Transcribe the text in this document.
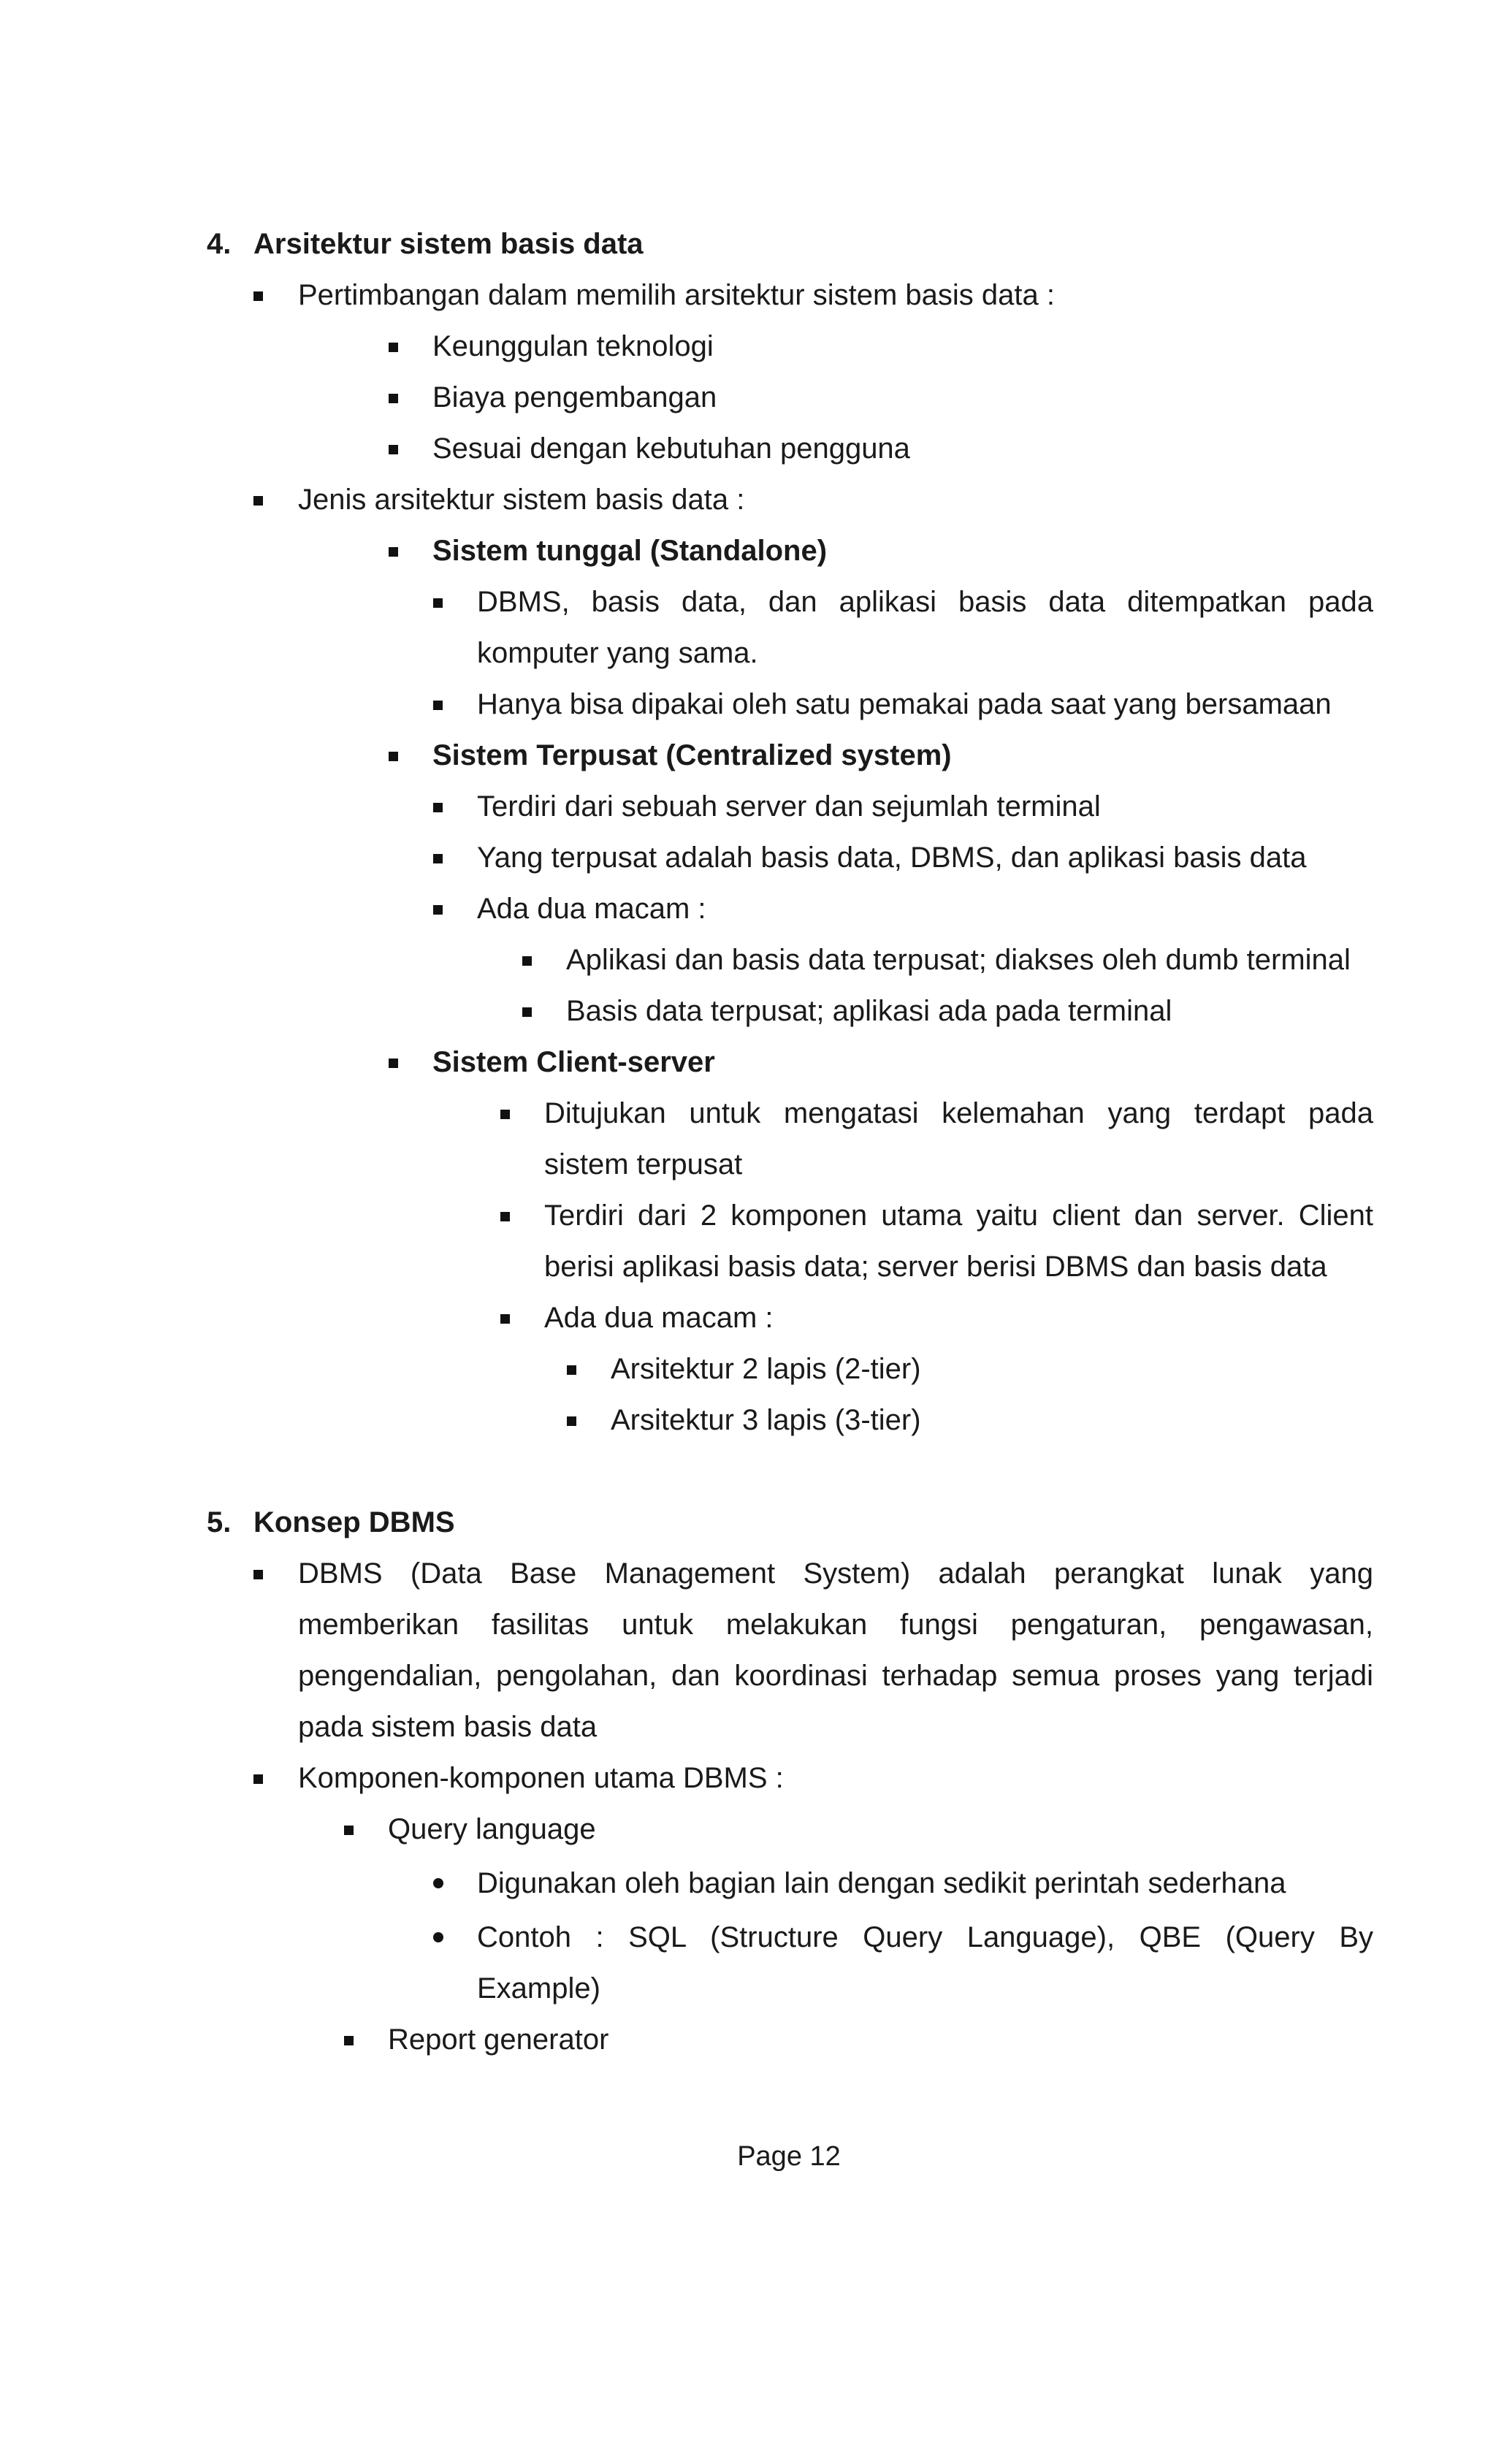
4. Arsitektur sistem basis data
Pertimbangan dalam memilih arsitektur sistem basis data :
Keunggulan teknologi
Biaya pengembangan
Sesuai dengan kebutuhan pengguna
Jenis arsitektur sistem basis data :
Sistem tunggal (Standalone)
DBMS, basis data, dan aplikasi basis data ditempatkan pada
komputer yang sama.
Hanya bisa dipakai oleh satu pemakai pada saat yang bersamaan
Sistem Terpusat (Centralized system)
Terdiri dari sebuah server dan sejumlah terminal
Yang terpusat adalah basis data, DBMS, dan aplikasi basis data
Ada dua macam :
Aplikasi dan basis data terpusat; diakses oleh dumb terminal
Basis data terpusat; aplikasi ada pada terminal
Sistem Client-server
Ditujukan untuk mengatasi kelemahan yang terdapt pada
sistem terpusat
Terdiri dari 2 komponen utama yaitu client dan server. Client
berisi aplikasi basis data; server berisi DBMS dan basis data
Ada dua macam :
Arsitektur 2 lapis (2-tier)
Arsitektur 3 lapis (3-tier)
5. Konsep DBMS
DBMS (Data Base Management System) adalah perangkat lunak yang
memberikan fasilitas untuk melakukan fungsi pengaturan, pengawasan,
pengendalian, pengolahan, dan koordinasi terhadap semua proses yang terjadi
pada sistem basis data
Komponen-komponen utama DBMS :
Query language
Digunakan oleh bagian lain dengan sedikit perintah sederhana
Contoh : SQL (Structure Query Language), QBE (Query By
Example)
Report generator
Page 12
